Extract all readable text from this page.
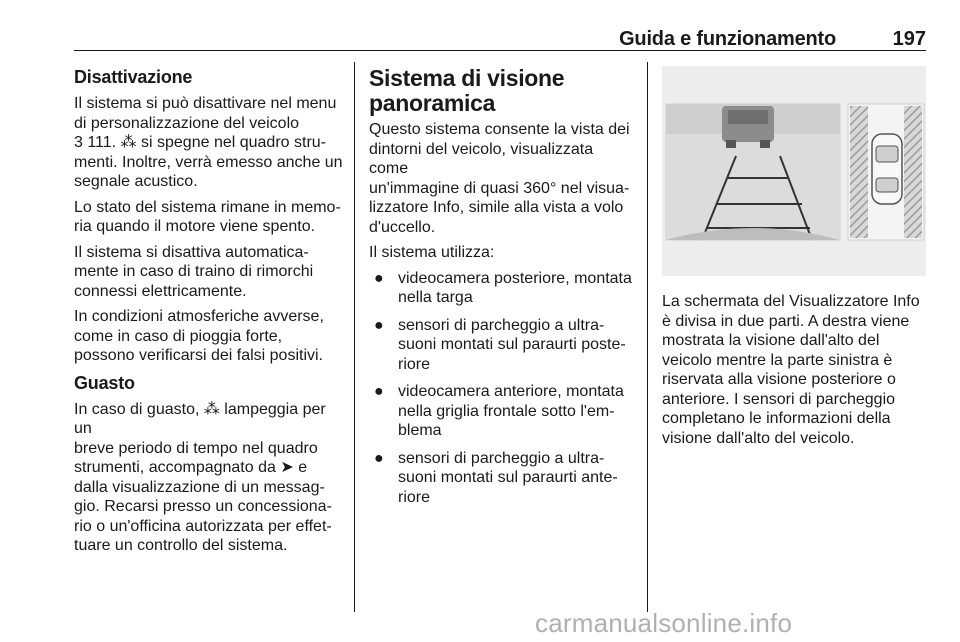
Guida e funzionamento	197
Disattivazione

Il sistema si può disattivare nel menu
di personalizzazione del veicolo
3 111. ⁂ si spegne nel quadro stru-
menti. Inoltre, verrà emesso anche un
segnale acustico.

Lo stato del sistema rimane in memo-
ria quando il motore viene spento.

Il sistema si disattiva automatica-
mente in caso di traino di rimorchi
connessi elettricamente.

In condizioni atmosferiche avverse,
come in caso di pioggia forte,
possono verificarsi dei falsi positivi.

Guasto

In caso di guasto, ⁂ lampeggia per un
breve periodo di tempo nel quadro
strumenti, accompagnato da ➤ e
dalla visualizzazione di un messag-
gio. Recarsi presso un concessiona-
rio o un'officina autorizzata per effet-
tuare un controllo del sistema.

Sistema di visione
panoramica

Questo sistema consente la vista dei
dintorni del veicolo, visualizzata come
un'immagine di quasi 360° nel visua-
lizzatore Info, simile alla vista a volo
d'uccello.

Il sistema utilizza:

● videocamera posteriore, montata
nella targa
● sensori di parcheggio a ultra-
suoni montati sul paraurti poste-
riore
● videocamera anteriore, montata
nella griglia frontale sotto l'em-
blema
● sensori di parcheggio a ultra-
suoni montati sul paraurti ante-
riore

La schermata del Visualizzatore Info
è divisa in due parti. A destra viene
mostrata la visione dall'alto del
veicolo mentre la parte sinistra è
riservata alla visione posteriore o
anteriore. I sensori di parcheggio
completano le informazioni della
visione dall'alto del veicolo.

carmanualsonline.info
